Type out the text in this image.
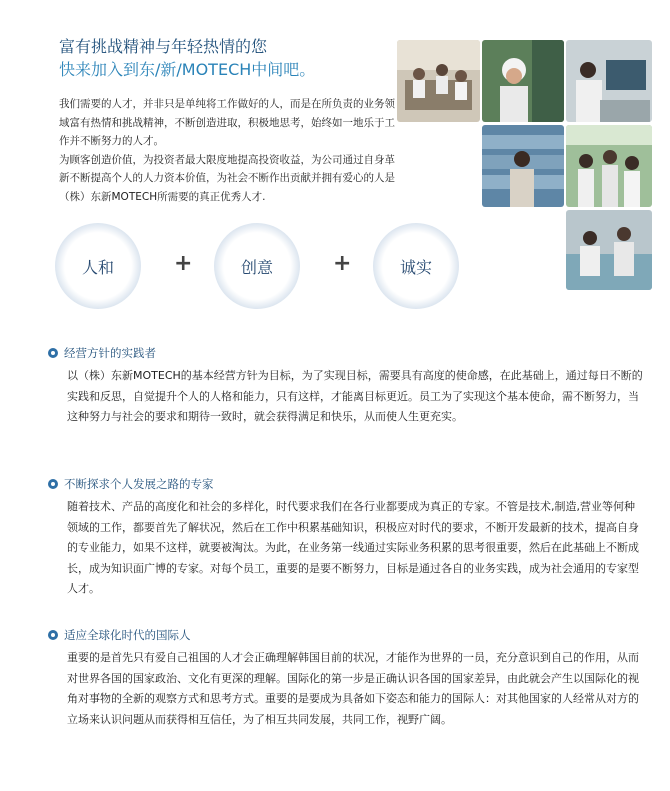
富有挑战精神与年轻热情的您
快来加入到东/新/MOTECH中间吧。

我们需要的人才，并非只是单纯将工作做好的人，而是在所负责的业务领域富有热情和挑战精神，不断创造进取，积极地思考，始终如一地乐于工作并不断努力的人才。

为顾客创造价值，为投资者最大限度地提高投资收益，为公司通过自身革新不断提高个人的人力资本价值，为社会不断作出贡献并拥有爱心的人是（株）东新MOTECH所需要的真正优秀人才.

人和	+	创意	+	诚实
经营方针的实践者
以（株）东新MOTECH的基本经营方针为目标，为了实现目标，需要具有高度的使命感，在此基础上，通过每日不断的实践和反思，自觉提升个人的人格和能力，只有这样，才能离目标更近。员工为了实现这个基本使命，需不断努力，当这种努力与社会的要求和期待一致时，就会获得满足和快乐，从而使人生更充实。
不断探求个人发展之路的专家
随着技术、产品的高度化和社会的多样化，时代要求我们在各行业都要成为真正的专家。不管是技术,制造,营业等何种领域的工作，都要首先了解状况，然后在工作中积累基础知识，积极应对时代的要求，不断开发最新的技术，提高自身的专业能力，如果不这样，就要被淘汰。为此，在业务第一线通过实际业务积累的思考很重要，然后在此基础上不断成长，成为知识面广博的专家。对每个员工，重要的是要不断努力，目标是通过各自的业务实践，成为社会通用的专家型人才。
适应全球化时代的国际人
重要的是首先只有爱自己祖国的人才会正确理解韩国目前的状况，才能作为世界的一员，充分意识到自己的作用，从而对世界各国的国家政治、文化有更深的理解。国际化的第一步是正确认识各国的国家差异，由此就会产生以国际化的视角对事物的全新的观察方式和思考方式。重要的是要成为具备如下姿态和能力的国际人：对其他国家的人经常从对方的立场来认识问题从而获得相互信任，为了相互共同发展，共同工作，视野广阔。
